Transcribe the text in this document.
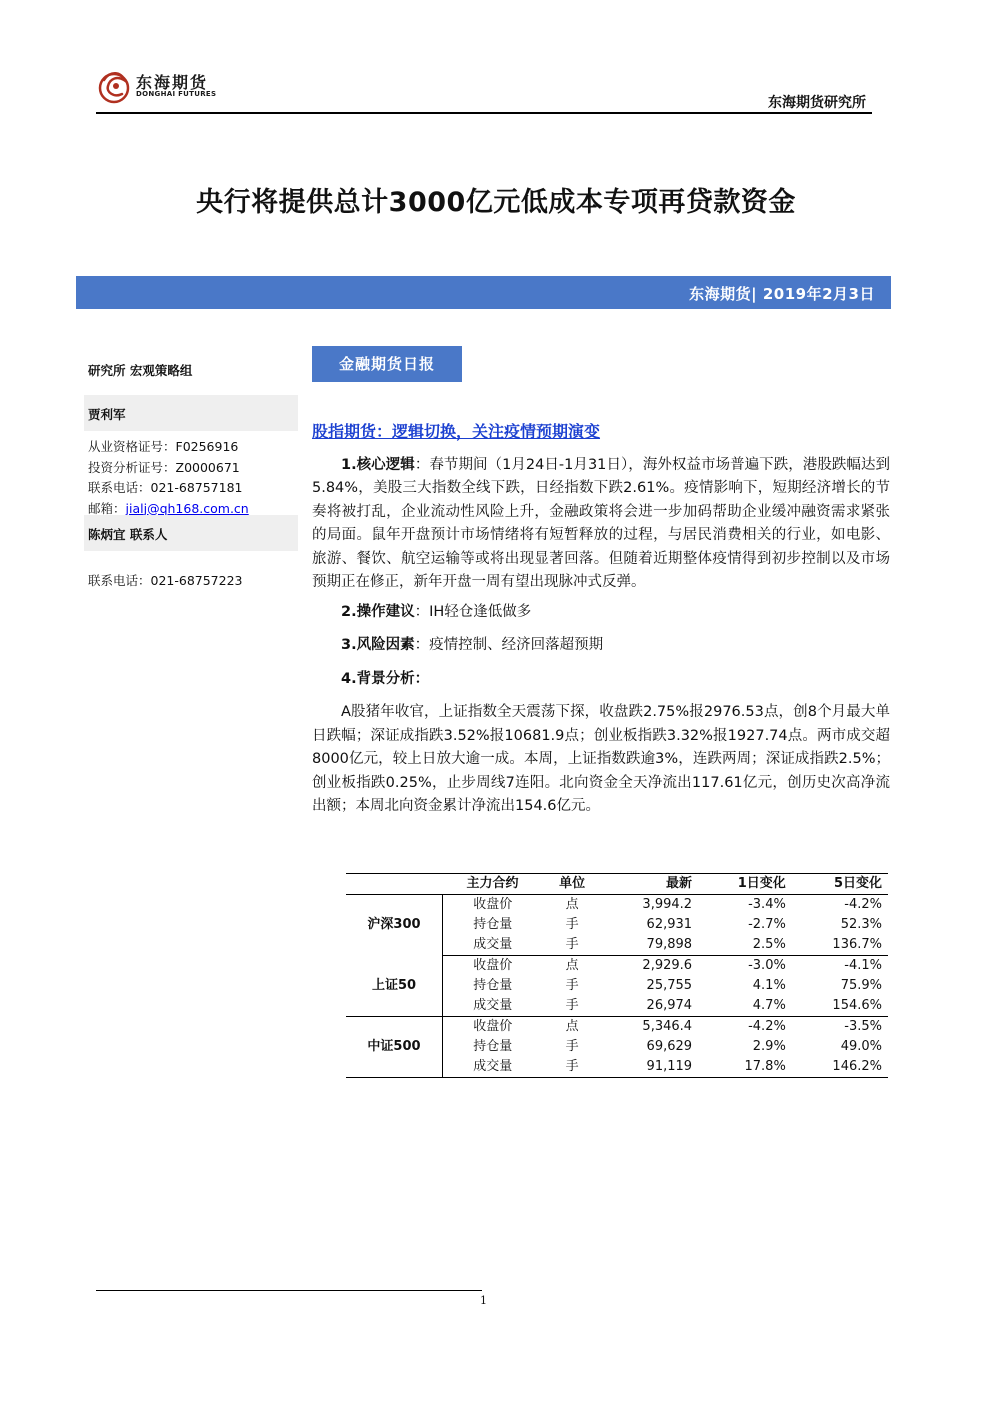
东海期货
DONGHAI FUTURES
东海期货研究所
央行将提供总计3000亿元低成本专项再贷款资金
东海期货| 2019年2月3日
研究所 宏观策略组
贾利军
从业资格证号：F0256916
投资分析证号：Z0000671
联系电话：021-68757181
邮箱：jialj@qh168.com.cn
陈炳宜 联系人
联系电话：021-68757223
金融期货日报
股指期货：逻辑切换，关注疫情预期演变

1.核心逻辑：春节期间（1月24日-1月31日），海外权益市场普遍下跌，港股跌幅达到5.84%，美股三大指数全线下跌，日经指数下跌2.61%。疫情影响下，短期经济增长的节奏将被打乱，企业流动性风险上升，金融政策将会进一步加码帮助企业缓冲融资需求紧张的局面。鼠年开盘预计市场情绪将有短暂释放的过程，与居民消费相关的行业，如电影、旅游、餐饮、航空运输等或将出现显著回落。但随着近期整体疫情得到初步控制以及市场预期正在修正，新年开盘一周有望出现脉冲式反弹。

2.操作建议：IH轻仓逢低做多
3.风险因素：疫情控制、经济回落超预期
4.背景分析：

A股猪年收官，上证指数全天震荡下探，收盘跌2.75%报2976.53点，创8个月最大单日跌幅；深证成指跌3.52%报10681.9点；创业板指跌3.32%报1927.74点。两市成交超8000亿元，较上日放大逾一成。本周，上证指数跌逾3%，连跌两周；深证成指跌2.5%；创业板指跌0.25%，止步周线7连阳。北向资金全天净流出117.61亿元，创历史次高净流出额；本周北向资金累计净流出154.6亿元。

	主力合约	单位	最新	1日变化	5日变化
沪深300	收盘价	点	3,994.2	-3.4%	-4.2%
	持仓量	手	62,931	-2.7%	52.3%
	成交量	手	79,898	2.5%	136.7%
上证50	收盘价	点	2,929.6	-3.0%	-4.1%
	持仓量	手	25,755	4.1%	75.9%
	成交量	手	26,974	4.7%	154.6%
中证500	收盘价	点	5,346.4	-4.2%	-3.5%
	持仓量	手	69,629	2.9%	49.0%
	成交量	手	91,119	17.8%	146.2%
1
